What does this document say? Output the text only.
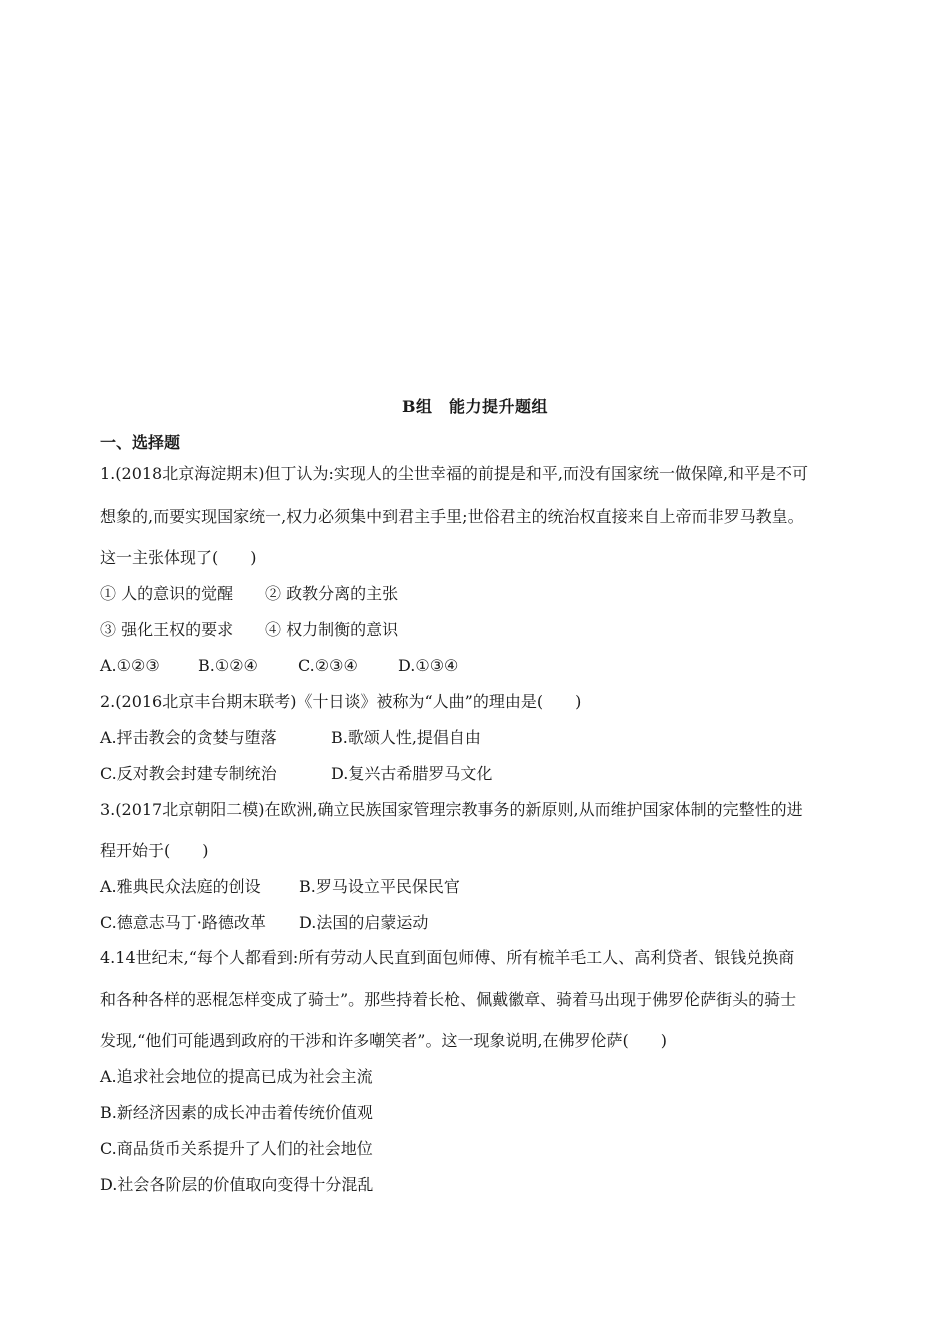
B组　能力提升题组
一、选择题
1.(2018北京海淀期末)但丁认为:实现人的尘世幸福的前提是和平,而没有国家统一做保障,和平是不可
想象的,而要实现国家统一,权力必须集中到君主手里;世俗君主的统治权直接来自上帝而非罗马教皇。
这一主张体现了(　　)
① 人的意识的觉醒 ② 政教分离的主张
③ 强化王权的要求 ④ 权力制衡的意识
A.①②③ B.①②④	C.②③④	D.①③④
2.(2016北京丰台期末联考)《十日谈》被称为“人曲”的理由是(　　)
A.抨击教会的贪婪与堕落	B.歌颂人性,提倡自由
C.反对教会封建专制统治	D.复兴古希腊罗马文化
3.(2017北京朝阳二模)在欧洲,确立民族国家管理宗教事务的新原则,从而维护国家体制的完整性的进
程开始于(　　)
A.雅典民众法庭的创设 B.罗马设立平民保民官
C.德意志马丁·路德改革 D.法国的启蒙运动
4.14世纪末,“每个人都看到:所有劳动人民直到面包师傅、所有梳羊毛工人、高利贷者、银钱兑换商
和各种各样的恶棍怎样变成了骑士”。那些持着长枪、佩戴徽章、骑着马出现于佛罗伦萨街头的骑士
发现,“他们可能遇到政府的干涉和许多嘲笑者”。这一现象说明,在佛罗伦萨(　　)
A.追求社会地位的提高已成为社会主流
B.新经济因素的成长冲击着传统价值观
C.商品货币关系提升了人们的社会地位
D.社会各阶层的价值取向变得十分混乱
